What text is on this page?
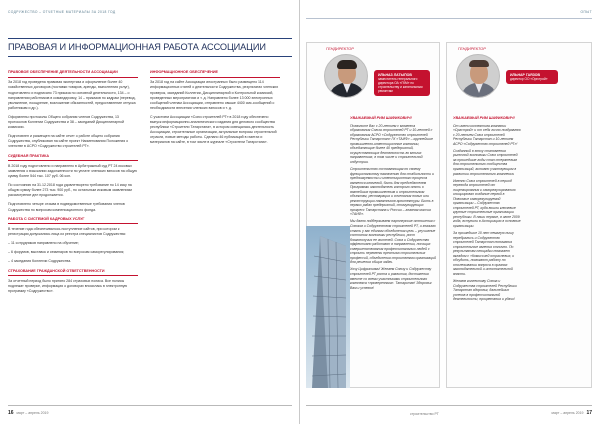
СОДРУЖЕСТВО – ОТЧЕТНЫЕ МАТЕРИАЛЫ ЗА 2018 ГОД
ПРАВОВАЯ И ИНФОРМАЦИОННАЯ РАБОТА АССОЦИАЦИИ
ПРАВОВОЕ ОБЕСПЕЧЕНИЕ ДЕЯТЕЛЬНОСТИ АССОЦИАЦИИ
За 2018 год проведена правовая экспертиза и оформление более 40 хозяйственных договоров (поставки товаров, аренды, выполнения услуг), подготовлено и подписано 73 приказа по основной деятельности, 134 – о направлении работников в командировку, 14 – приказов по кадрам (перевод, увольнение, поощрение, возложение обязанностей, предоставление отпуска работникам и др.).
Оформлены протоколы Общего собрания членов Содружества, 13 протоколов Коллегии Содружества и 38 – заседаний Дисциплинарной комиссии.
Подготовлен и размещен на сайте отчет о работе общего собрания Содружества, опубликован на сайте проект Наименования Положения о членстве в АСРО «Содружество строителей РТ».
СУДЕБНАЯ ПРАКТИКА
В 2018 году подготовлено и направлено в Арбитражный суд РТ 24 исковых заявления о взыскании задолженности по уплате членских взносов на общую сумму более 544 тыс. 107 руб. 06 коп.
По состоянию на 31.12.2018 года удовлетворено требование по 14 иску на общую сумму более 273 тыс. 900 руб., по остальным исковым заявлениям рассмотрение дел продолжается.
Подготовлено четыре отзыва в подведомственные требования членов Содружества по вопросам компенсационного фонда.
РАБОТА С СИСТЕМОЙ КАДРОВЫХ УСЛУГ
В течение года обеспечивалось поступление сайтов, при котором к регистрации допускались лица из реестра специалистов Содружества:
– 11 сотрудников направлено на обучение;
– 6 форумов, выставок и семинаров по вопросам саморегулирования;
– 4 заседания Коллегии Содружества.
СТРАХОВАНИЕ ГРАЖДАНСКОЙ ОТВЕТСТВЕННОСТИ
За отчетный период было принято 284 страховых полиса. Все полисы подлежат проверке, информация о договорах вносилась в электронную программу «Содружество».
ИНФОРМАЦИОННОЕ ОБЕСПЕЧЕНИЕ
За 2018 год на сайте Ассоциации иностранных было размещено 114 информационных статей о деятельности Содружества, результатах членских проверок, заседаний Коллегии, Дисциплинарной и Контрольной комиссий, проведенных мероприятиях и т. д. Направлено более 13 000 электронных сообщений членам Ассоциации, отправлено свыше 4400 смс-сообщений о необходимости внесения членских взносов и т. д.
С участием Ассоциации «Союз строителей РТ» в 2018 году обеспечено выпуск информационно-аналитического издания для делового сообщества республики «Строители Татарстана», в котором освещалась деятельность Ассоциации, строительные организации, актуальные вопросы строительной отрасли, новые методы работы. Сделано 46 публикаций в газетах и материалов на сайте, в том числе в журнале «Строители Татарстана».
16 март – апрель 2019
ОПЫТ
ГЕНДИРЕКТОР
ИЛЬНАЗ ЛАТЫПОВ
заместитель генерального директора ОА «ГКМ» по строительству и капитальным ремонтам
УВАЖАЕМЫЙ РИМ ШАФИКОВИЧ!

Позвольте Вас с 20-летием с момента образования Союза строителей РТ и 10-летней с образования АСРО «Содружество строителей Республики Татарстан» ГК «ТАИФ» – крупнейшие промышленно-инвестиционные компании, объединяющие более 40 предприятий, осуществляющих деятельность во многих направлениях, в том числе и строительной индустрии.

Строительство составляющая по своему функциональному назначению для стабильности и предсказуемости и инвестиционного процесса является ключевой, быть для председателем Программы законодатель которого опять о важнейших промышленным и строительным объектам, реставрация и сочетания новых или реконструкции памятников архитектуры. Быть в первых рядах предприятий, стимулирующих прогресс Татарстана и России – главная миссия «ТАИФ».

Мы давно поддерживаем партнерские отношения с Союзом и Содружеством строителей РТ, и значимо стать у вас единым объединения цель – улучшение состояния экономики республики, рост благополучия ее жителей. Союз и Содружество эффективно работают в направлении, носящих совершенствования профессиональных людей с строить перемены престижа строительных профессий, объединения строителями организаций для решения общих задач.

Хочу Цифрисиями! Желаем Союзу и Содружеству строителей РТ роста и развития, достижения вместе со всеми участниками строительного комплекса «проверенным». Татарстан! Здоровья Вам и успехов!

ГЕНДИРЕКТОР
ИЛЬНАР ГАЯЗОВ
директор ОО «Оргстрой»
УВАЖАЕМЫЙ РИМ ШАФИКОВИЧ!

От имени коллектива компании «Оргстрой» и от себя лично поздравляю с 20-летием Союз строителей Республики Татарстан и 10-летием АСРО «Содружество строителей РТ»!

Созданный в эпоху становления рыночной экономики Союз строителей за прошедшие годы стал стержневым для строительного сообщества организаций, активно участвующим в развитии строительного комплекса.

Именно Союз строителей в период перехода строителей от лицензирования к саморегулированию инициировал создание первой в Поволжье саморегулируемой организации – Содружества строителей РТ, куда вошли ключевые крупные строительные организации республики. В наши первые, в июне 2009 года, вступили в Ассоциацию в основные организации.

За прошедшие 10 лет немалую нишу перебрались и Содружество строителей Татарстан понимания строительные явления отлично. По результатам площадки помогает вкладом с «Комиссией отраслевых, к обсудить, помогают работу по отслеживании вопроса в органах законодательной и исполнительной власти.

Желаем коллективу Союза и Содружества строителей Республики Татарстан здоровья, дальнейших успехов в профессиональной деятельности, процветания и удачи!

строительство РТ	март – апрель 2019 17
